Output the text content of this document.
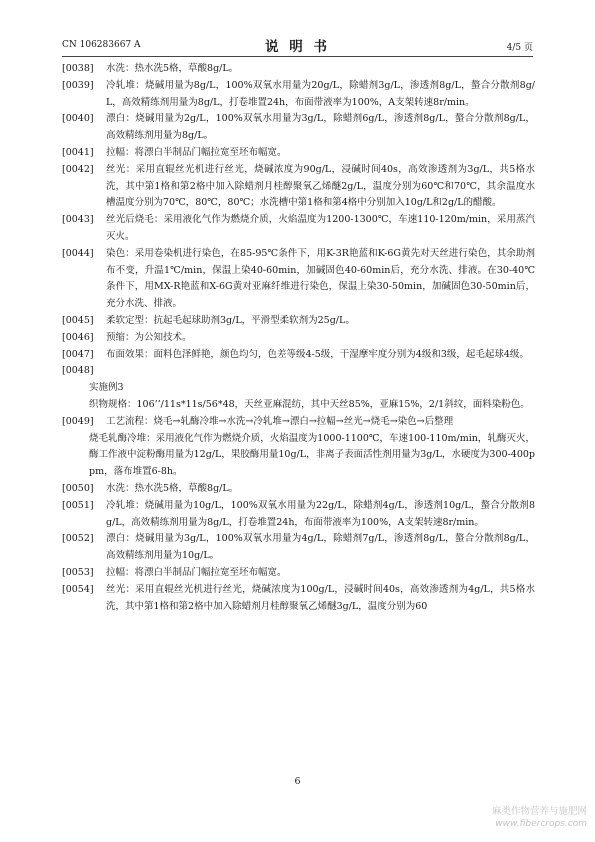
CN 106283667 A	说 明 书	4/5 页
[0038]	水洗：热水洗5格，草酸8g/L。

[0039]	冷轧堆：烧碱用量为8g/L，100%双氧水用量为20g/L，除蜡剂3g/L，渗透剂8g/L，螯合分散剂8g/L，高效精练剂用量为8g/L，打卷堆置24h，布面带液率为100%，A支架转速8r/min。

[0040]	漂白：烧碱用量为2g/L，100%双氧水用量为3g/L，除蜡剂6g/L，渗透剂8g/L，螯合分散剂8g/L，高效精练剂用量为8g/L。

[0041]	拉幅：将漂白半制品门幅拉宽至坯布幅宽。

[0042]	丝光：采用直辊丝光机进行丝光，烧碱浓度为90g/L，浸碱时间40s，高效渗透剂为3g/L，共5格水洗，其中第1格和第2格中加入除蜡剂月桂醇聚氧乙烯醚2g/L，温度分别为60℃和70℃，其余温度水槽温度分别为70℃，80℃，80℃；水洗槽中第1格和第4格中分别加入10g/L和2g/L的醋酸。

[0043]	丝光后烧毛：采用液化气作为燃烧介质，火焰温度为1200-1300℃，车速110-120m/min，采用蒸汽灭火。

[0044]	染色：采用卷染机进行染色，在85-95℃条件下，用K-3R艳蓝和K-6G黄先对天丝进行染色，其余助剂布不变，升温1℃/min，保温上染40-60min，加碱固色40-60min后，充分水洗、排液。在30-40℃条件下，用MX-R艳蓝和X-6G黄对亚麻纤维进行染色，保温上染30-50min，加碱固色30-50min后，充分水洗、排液。

[0045]	柔软定型：抗起毛起球助剂3g/L，平滑型柔软剂为25g/L。

[0046]	预缩：为公知技术。

[0047]	布面效果：面料色泽鲜艳，颜色均匀，色差等级4-5级，干湿摩牢度分别为4级和3级，起毛起球4级。

[0048]

实施例3

织物规格：106’’/11s*11s/56*48，天丝亚麻混纺，其中天丝85%，亚麻15%，2/1斜纹，面料染粉色。

[0049]	工艺流程：烧毛→轧酶冷堆→水洗→冷轧堆→漂白→拉幅→丝光→烧毛→染色→后整理

烧毛轧酶冷堆：采用液化气作为燃烧介质，火焰温度为1000-1100℃，车速100-110m/min，轧酶灭火，酶工作液中淀粉酶用量为12g/L，果胶酶用量10g/L，非离子表面活性剂用量为3g/L，水硬度为300-400ppm，落布堆置6-8h。

[0050]	水洗：热水洗5格，草酸8g/L。

[0051]	冷轧堆：烧碱用量为10g/L，100%双氧水用量为22g/L，除蜡剂4g/L，渗透剂10g/L，螯合分散剂8g/L，高效精练剂用量为8g/L，打卷堆置24h，布面带液率为100%，A支架转速8r/min。

[0052]	漂白：烧碱用量为3g/L，100%双氧水用量为4g/L，除蜡剂7g/L，渗透剂8g/L，螯合分散剂8g/L，高效精练剂用量为10g/L。

[0053]	拉幅：将漂白半制品门幅拉宽至坯布幅宽。

[0054]	丝光：采用直辊丝光机进行丝光，烧碱浓度为100g/L，浸碱时间40s，高效渗透剂为4g/L，共5格水洗，其中第1格和第2格中加入除蜡剂月桂醇聚氧乙烯醚3g/L，温度分别为60

6
麻类作物营养与施肥网
www.fibercrops.com
